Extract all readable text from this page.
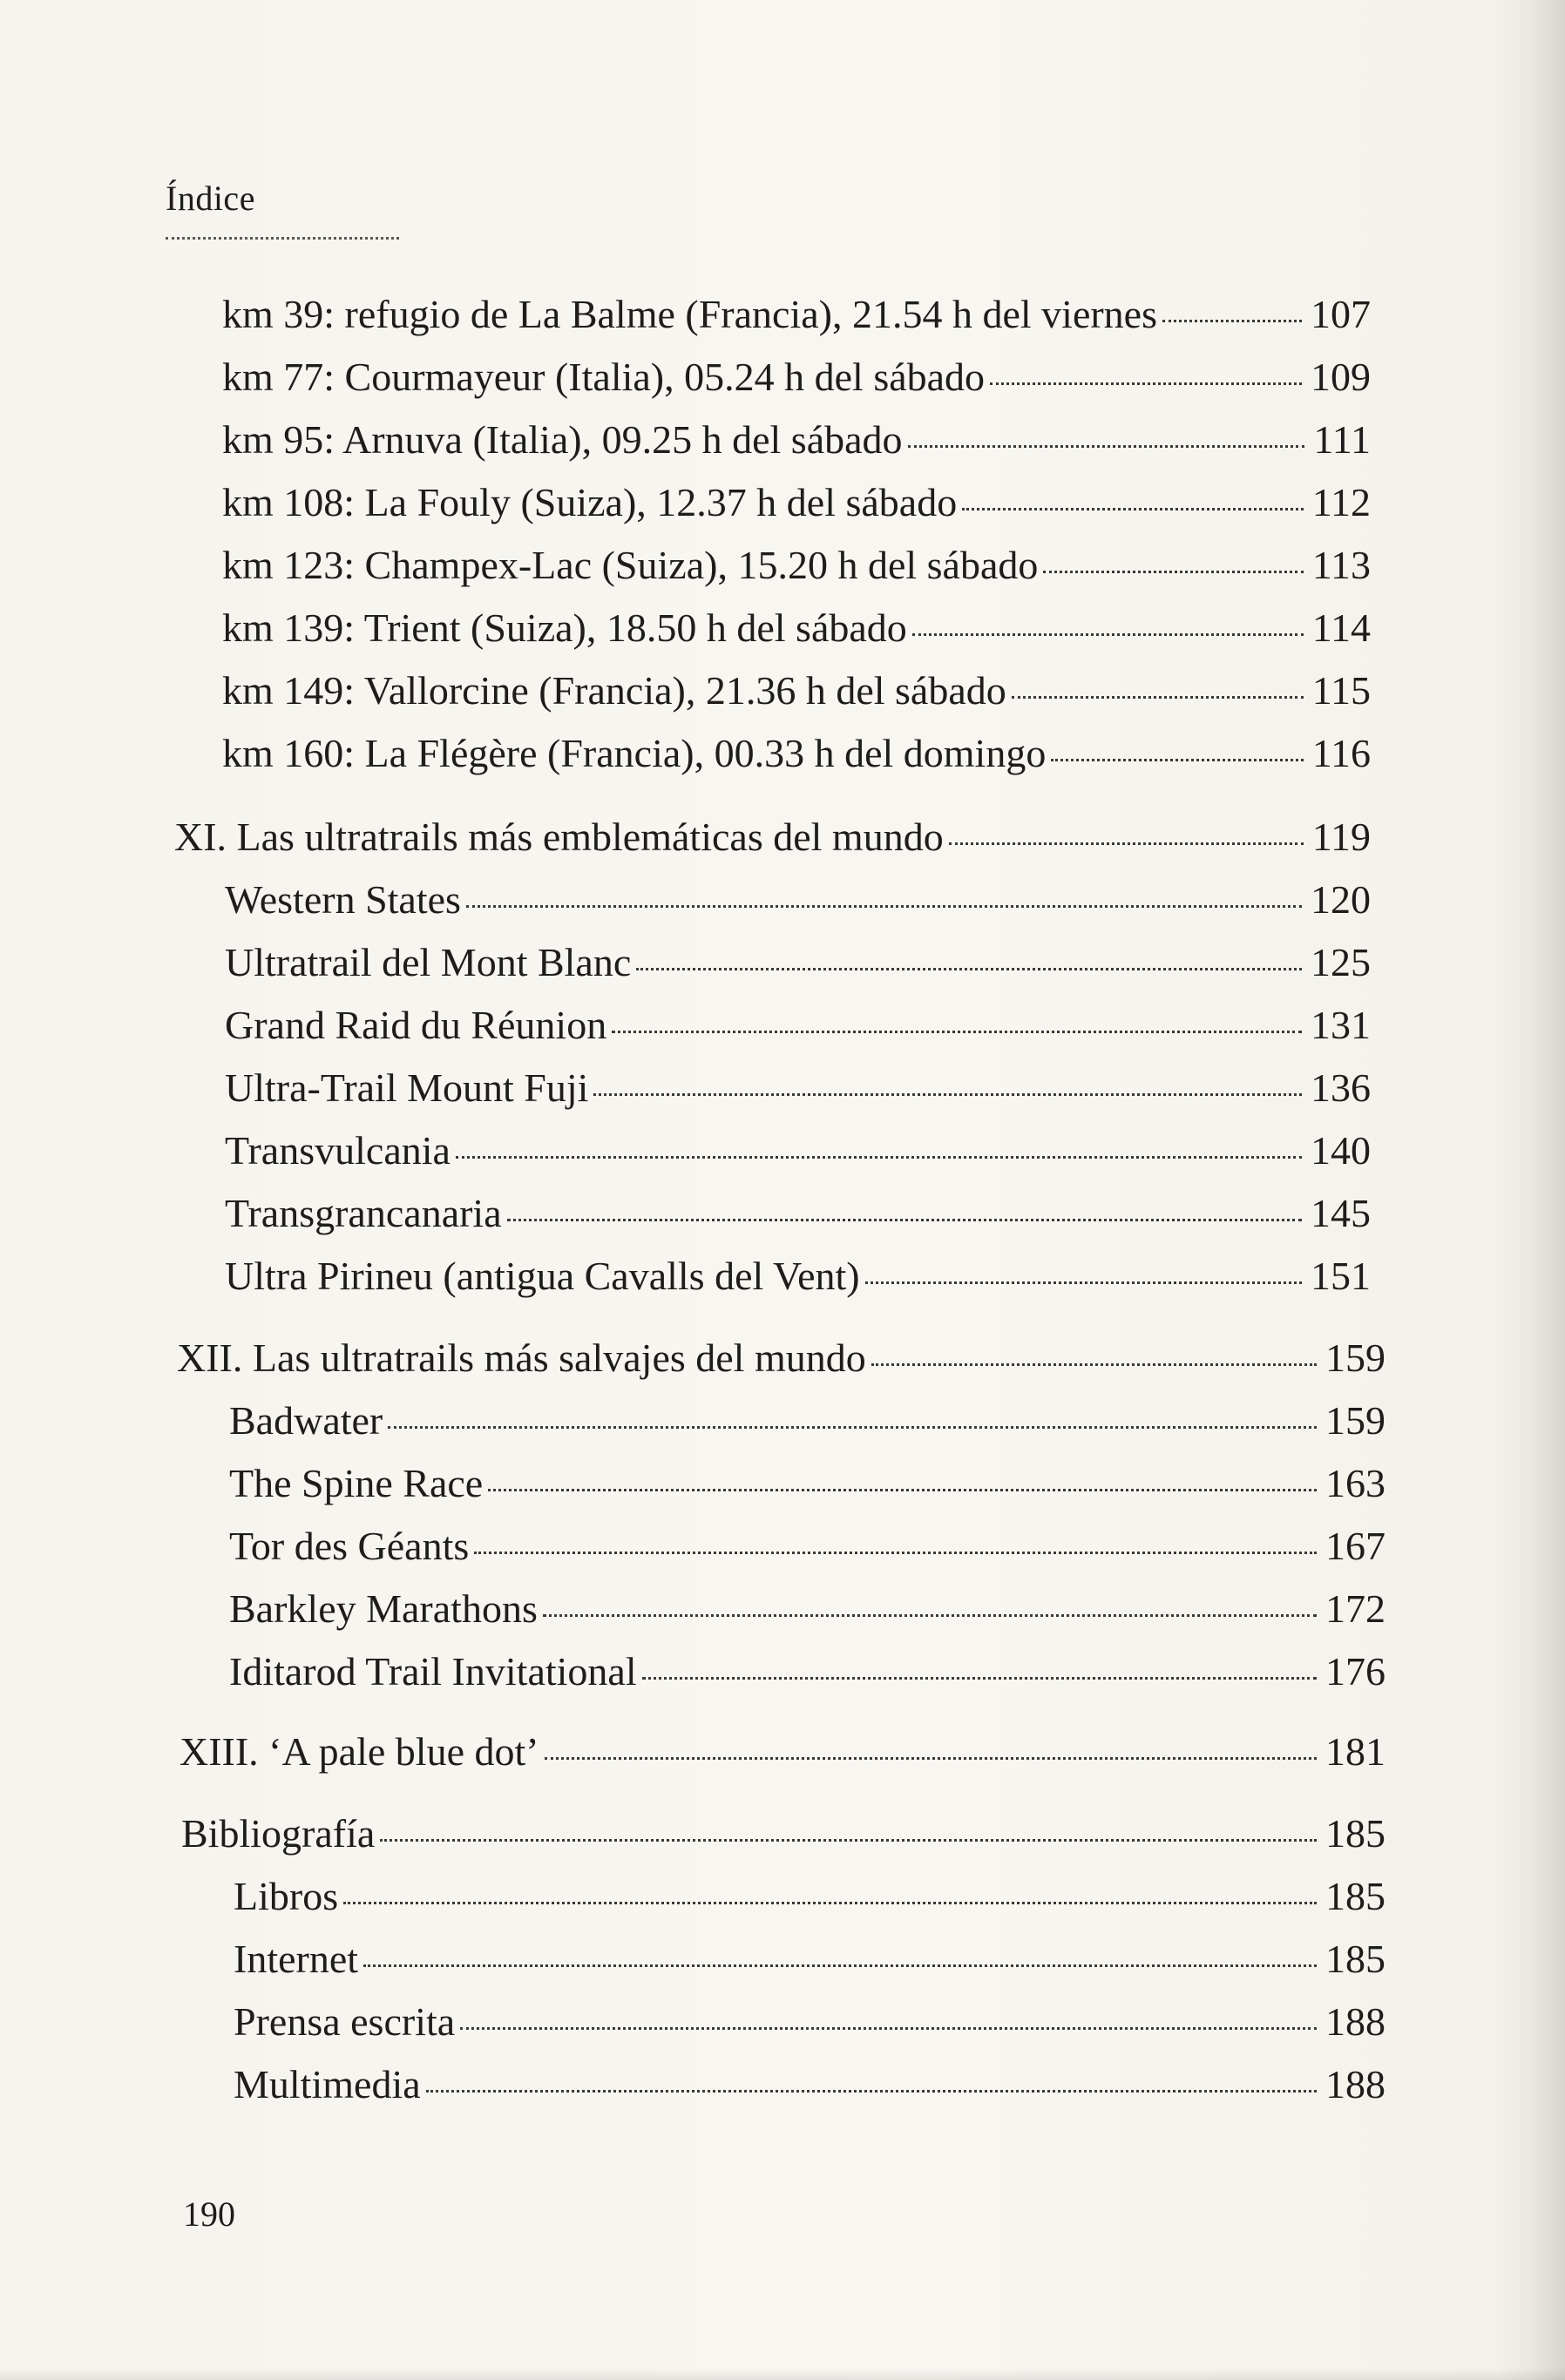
Índice
km 39: refugio de La Balme (Francia), 21.54 h del viernes	107
km 77: Courmayeur (Italia), 05.24 h del sábado	109
km 95: Arnuva (Italia), 09.25 h del sábado	111
km 108: La Fouly (Suiza), 12.37 h del sábado	112
km 123: Champex-Lac (Suiza), 15.20 h del sábado	113
km 139: Trient (Suiza), 18.50 h del sábado	114
km 149: Vallorcine (Francia), 21.36 h del sábado	115
km 160: La Flégère (Francia), 00.33 h del domingo	116
XI. Las ultratrails más emblemáticas del mundo	119
Western States	120
Ultratrail del Mont Blanc	125
Grand Raid du Réunion	131
Ultra-Trail Mount Fuji	136
Transvulcania	140
Transgrancanaria	145
Ultra Pirineu (antigua Cavalls del Vent)	151
XII. Las ultratrails más salvajes del mundo	159
Badwater	159
The Spine Race	163
Tor des Géants	167
Barkley Marathons	172
Iditarod Trail Invitational	176
XIII. ‘A pale blue dot’	181
Bibliografía	185
Libros	185
Internet	185
Prensa escrita	188
Multimedia	188
190
